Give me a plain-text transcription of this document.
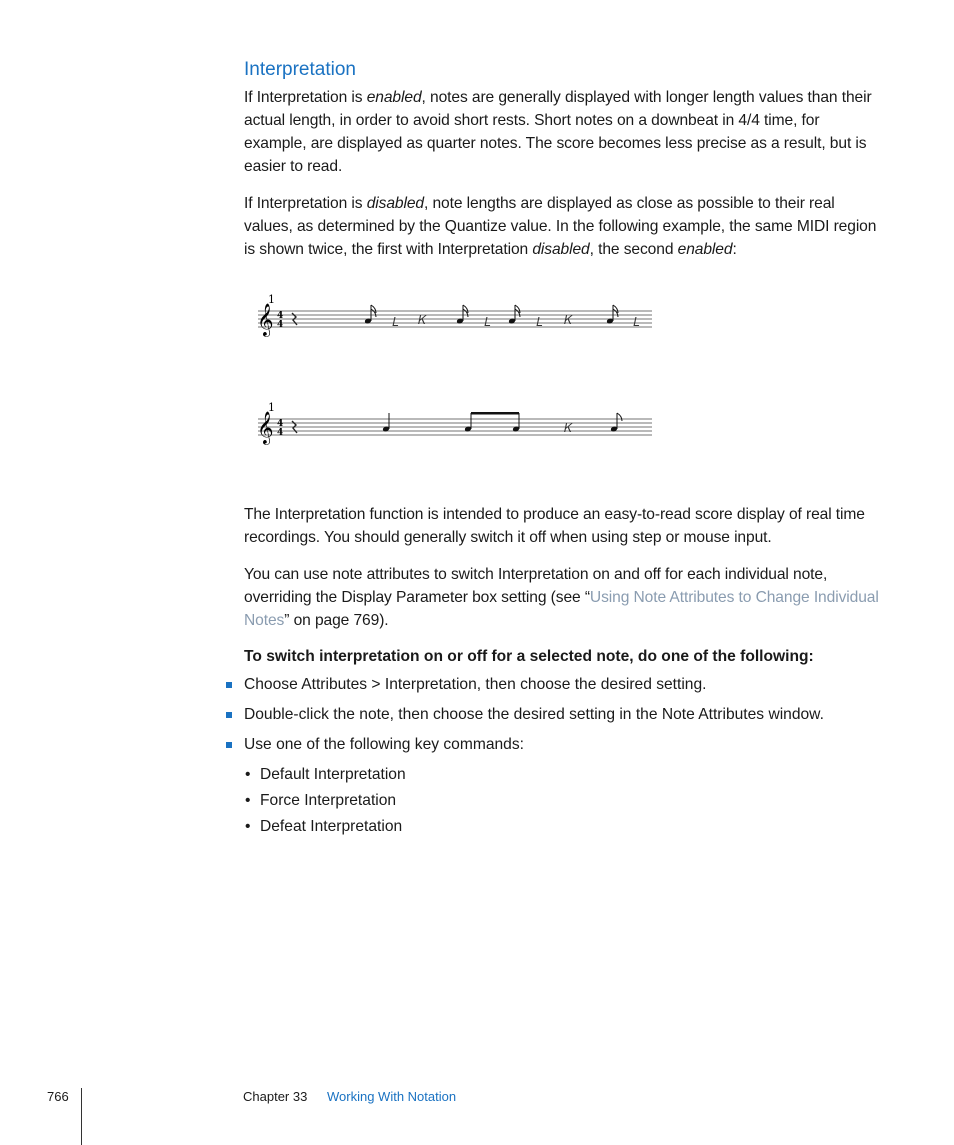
Interpretation

If Interpretation is enabled, notes are generally displayed with longer length values than their actual length, in order to avoid short rests. Short notes on a downbeat in 4/4 time, for example, are displayed as quarter notes. The score becomes less precise as a result, but is easier to read.

If Interpretation is disabled, note lengths are displayed as close as possible to their real values, as determined by the Quantize value. In the following example, the same MIDI region is shown twice, the first with Interpretation disabled, the second enabled:

1
𝄞 4
4	𝐿 𝐾	𝐿	𝐿 𝐾	𝐿
1
𝄞 4
4	𝐾

The Interpretation function is intended to produce an easy-to-read score display of real time recordings. You should generally switch it off when using step or mouse input.

You can use note attributes to switch Interpretation on and off for each individual note, overriding the Display Parameter box setting (see “Using Note Attributes to Change Individual Notes” on page 769).

To switch interpretation on or off for a selected note, do one of the following:
Choose Attributes > Interpretation, then choose the desired setting.
Double-click the note, then choose the desired setting in the Note Attributes window.
Use one of the following key commands:
• Default Interpretation
• Force Interpretation
• Defeat Interpretation
766	Chapter 33 Working With Notation
